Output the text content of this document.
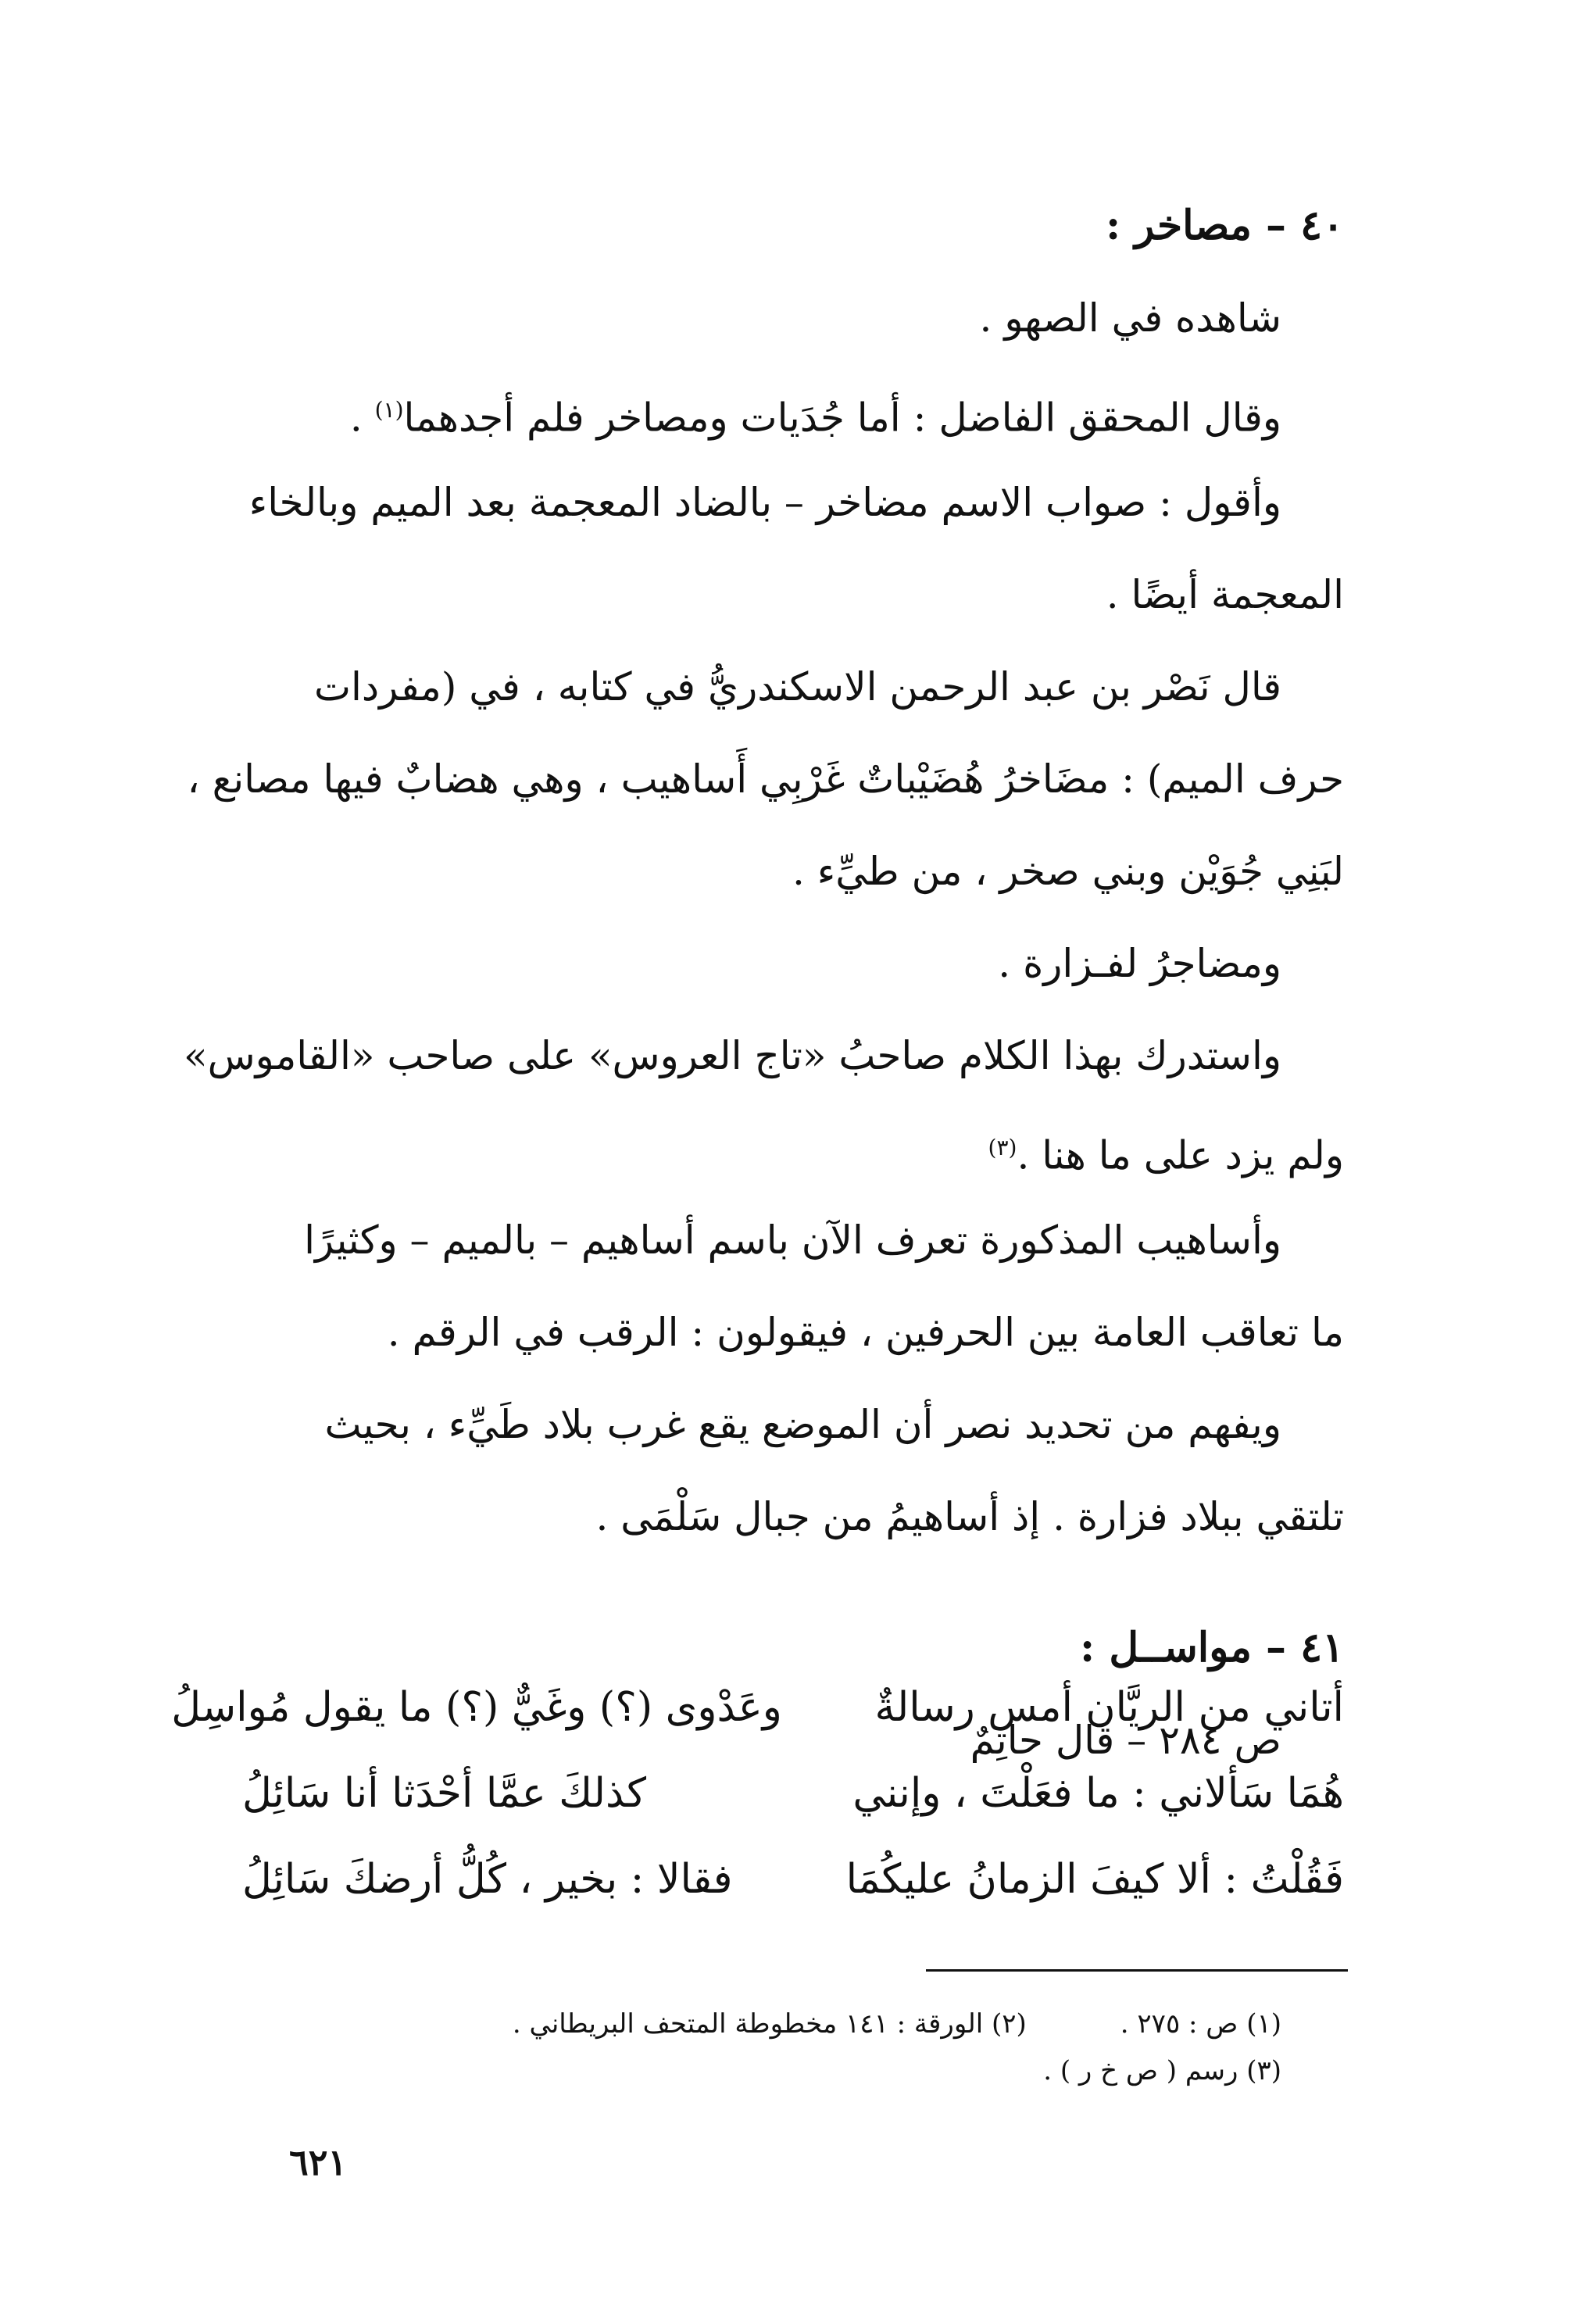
٤٠ – مصاخر :
شاهده في الصهو .
وقال المحقق الفاضل : أما جُدَيات ومصاخر فلم أجدهما$^{(١)}$ .
وأقول : صواب الاسم مضاخر – بالضاد المعجمة بعد الميم وبالخاء
المعجمة أيضًا .
قال نَصْر بن عبد الرحمن الاسكندريُّ في كتابه ، في (مفردات
حرف الميم) : مضَاخرُ هُضَيْباتٌ غَرْبِي أَساهيب ، وهي هضابٌ فيها مصانع ،
لبَنِي جُوَيْن وبني صخر ، من طيِّء .
ومضاجرُ لفـزارة .
واستدرك بهذا الكلام صاحبُ «تاج العروس» على صاحب «القاموس»
ولم يزد على ما هنا .$^{(٣)}$
وأساهيب المذكورة تعرف الآن باسم أساهيم – بالميم – وكثيرًا
ما تعاقب العامة بين الحرفين ، فيقولون : الرقب في الرقم .
ويفهم من تحديد نصر أن الموضع يقع غرب بلاد طَيِّء ، بحيث
تلتقي ببلاد فزارة . إذ أساهيمُ من جبال سَلْمَى .
٤١ – مواســل :
ص ٢٨٤ – قال حاتِمٌ
أتاني من الريَّان أمس رسالةٌ
وعَدْوى (؟) وغَيٌّ (؟) ما يقول مُواسِلُ
هُمَا سَألاني : ما فعَلْتَ ، وإنني
كذلكَ عمَّا أحْدَثا أنا سَائِلُ
فَقُلْتُ : ألا كيفَ الزمانُ عليكُمَا
فقالا : بخير ، كُلُّ أرضكَ سَائِلُ
(١) ص : ٢٧٥ .
(٢) الورقة : ١٤١ مخطوطة المتحف البريطاني .
(٣) رسم ( ص خ ر ) .
٦٢١
